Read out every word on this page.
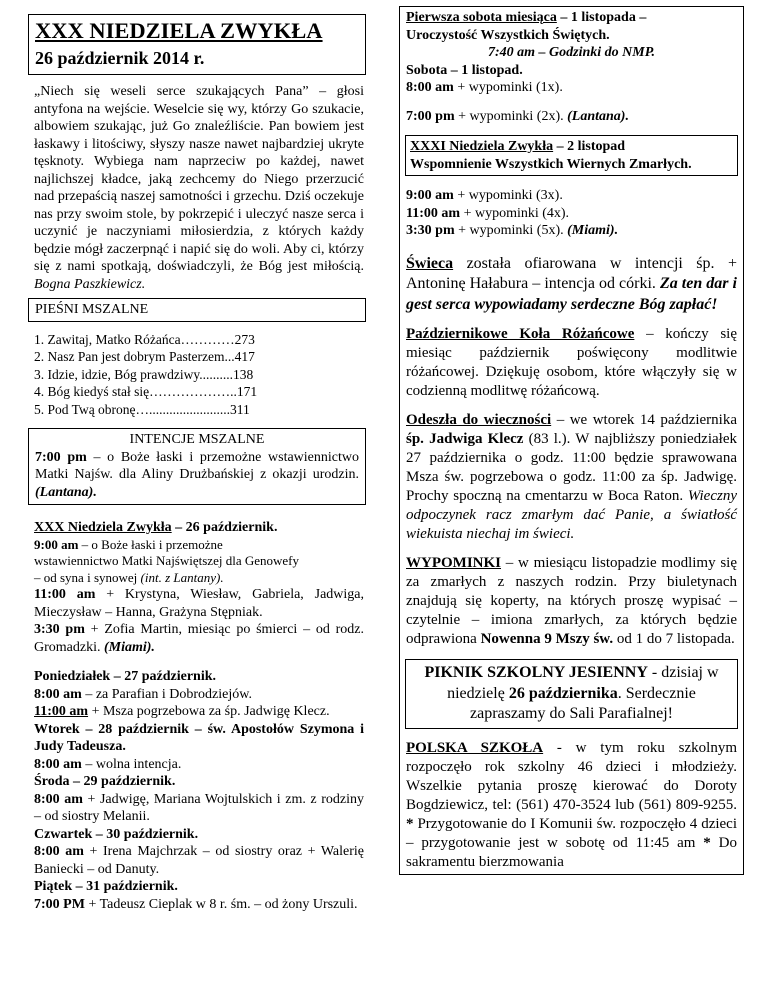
XXX NIEDZIELA ZWYKŁA
26 październik 2014 r.

„Niech się weseli serce szukających Pana” – głosi antyfona na wejście. Weselcie się wy, którzy Go szukacie, albowiem szukając, już Go znaleźliście. Pan bowiem jest łaskawy i litościwy, słyszy nasze nawet najbardziej ukryte tęsknoty. Wybiega nam naprzeciw po każdej, nawet najlichszej kładce, jaką zechcemy do Niego przerzucić nad przepaścią naszej samotności i grzechu. Dziś oczekuje nas przy swoim stole, by pokrzepić i uleczyć nasze serca i uczynić je naczyniami miłosierdzia, z których każdy będzie mógł zaczerpnąć i napić się do woli. Aby ci, którzy się z nami spotkają, doświadczyli, że Bóg jest miłością. Bogna Paszkiewicz.

PIEŚNI MSZALNE
1. Zawitaj, Matko Różańca…………273
2. Nasz Pan jest dobrym Pasterzem...417
3. Idzie, idzie, Bóg prawdziwy..........138
4. Bóg kiedyś stał się………………..171
5. Pod Twą obronę…........................311
INTENCJE MSZALNE

7:00 pm – o Boże łaski i przemożne wstawiennictwo Matki Najśw. dla Aliny Drużbańskiej z okazji urodzin. (Lantana).

XXX Niedziela Zwykła – 26 październik.
9:00 am – o Boże łaski i przemożne
wstawiennictwo Matki Najświętszej dla Genowefy
– od syna i synowej (int. z Lantany).

11:00 am + Krystyna, Wiesław, Gabriela, Jadwiga, Mieczysław – Hanna, Grażyna Stępniak.

3:30 pm + Zofia Martin, miesiąc po śmierci – od rodz. Gromadzki. (Miami).

Poniedziałek – 27 październik.
8:00 am – za Parafian i Dobrodziejów.

11:00 am + Msza pogrzebowa za śp. Jadwigę Klecz.

Wtorek – 28 październik – św. Apostołów Szymona i Judy Tadeusza.

8:00 am – wolna intencja.
Środa – 29 październik.

8:00 am + Jadwigę, Mariana Wojtulskich i zm. z rodziny – od siostry Melanii.

Czwartek – 30 październik.

8:00 am + Irena Majchrzak – od siostry oraz + Walerię Baniecki – od Danuty.

Piątek – 31 październik.

7:00 PM + Tadeusz Cieplak w 8 r. śm. – od żony Urszuli.

Pierwsza sobota miesiąca – 1 listopada –

Uroczystość Wszystkich Świętych.
7:40 am – Godzinki do NMP.
Sobota – 1 listopad.
8:00 am + wypominki (1x).
7:00 pm + wypominki (2x). (Lantana).

XXXI Niedziela Zwykła – 2 listopad

Wspomnienie Wszystkich Wiernych Zmarłych.
9:00 am + wypominki (3x).
11:00 am + wypominki (4x).
3:30 pm + wypominki (5x). (Miami).

Świeca została ofiarowana w intencji śp. + Antoninę Hałabura – intencja od córki. Za ten dar i gest serca wypowiadamy serdeczne Bóg zapłać!

Październikowe Koła Różańcowe – kończy się miesiąc październik poświęcony modlitwie różańcowej. Dziękuję osobom, które włączyły się w codzienną modlitwę różańcową.

Odeszła do wieczności – we wtorek 14 października śp. Jadwiga Klecz (83 l.). W najbliższy poniedziałek 27 października o godz. 11:00 będzie sprawowana Msza św. pogrzebowa o godz. 11:00 za śp. Jadwigę. Prochy spoczną na cmentarzu w Boca Raton. Wieczny odpoczynek racz zmarłym dać Panie, a światłość wiekuista niechaj im świeci.

WYPOMINKI – w miesiącu listopadzie modlimy się za zmarłych z naszych rodzin. Przy biuletynach znajdują się koperty, na których proszę wypisać – czytelnie – imiona zmarłych, za których będzie odprawiona Nowenna 9 Mszy św. od 1 do 7 listopada.

PIKNIK SZKOLNY JESIENNY - dzisiaj w niedzielę 26 października. Serdecznie zapraszamy do Sali Parafialnej!

POLSKA SZKOŁA - w tym roku szkolnym rozpoczęło rok szkolny 46 dzieci i młodzieży. Wszelkie pytania proszę kierować do Doroty Bogdziewicz, tel: (561) 470-3524 lub (561) 809-9255. * Przygotowanie do I Komunii św. rozpoczęło 4 dzieci – przygotowanie jest w sobotę od 11:45 am * Do sakramentu bierzmowania
